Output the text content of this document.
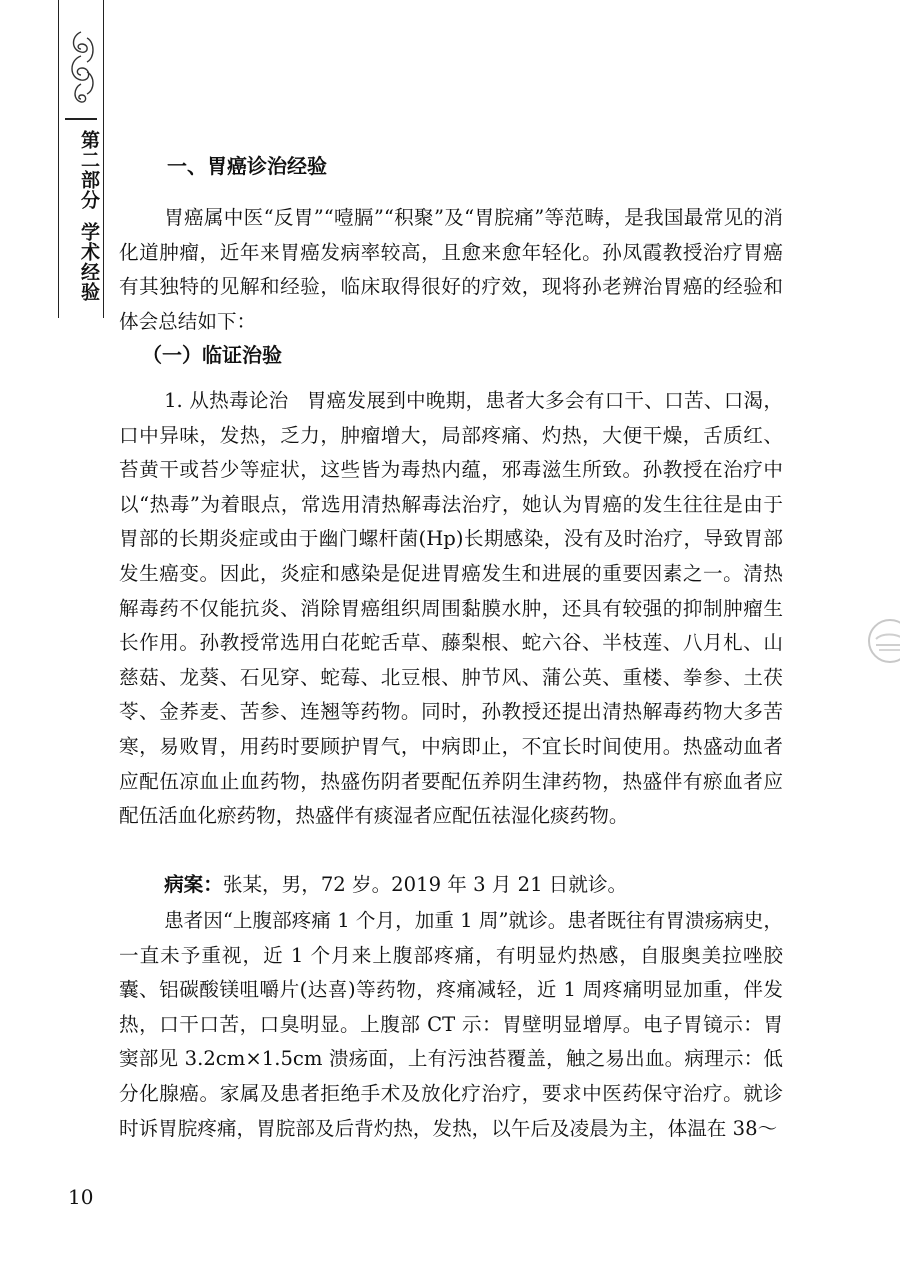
第二部分
学术经验
一、胃癌诊治经验

胃癌属中医“反胃”“噎膈”“积聚”及“胃脘痛”等范畴，是我国最常见的消化道肿瘤，近年来胃癌发病率较高，且愈来愈年轻化。孙凤霞教授治疗胃癌有其独特的见解和经验，临床取得很好的疗效，现将孙老辨治胃癌的经验和体会总结如下：

（一）临证治验

1. 从热毒论治 胃癌发展到中晚期，患者大多会有口干、口苦、口渴，口中异味，发热，乏力，肿瘤增大，局部疼痛、灼热，大便干燥，舌质红、苔黄干或苔少等症状，这些皆为毒热内蕴，邪毒滋生所致。孙教授在治疗中以“热毒”为着眼点，常选用清热解毒法治疗，她认为胃癌的发生往往是由于胃部的长期炎症或由于幽门螺杆菌(Hp)长期感染，没有及时治疗，导致胃部发生癌变。因此，炎症和感染是促进胃癌发生和进展的重要因素之一。清热解毒药不仅能抗炎、消除胃癌组织周围黏膜水肿，还具有较强的抑制肿瘤生长作用。孙教授常选用白花蛇舌草、藤梨根、蛇六谷、半枝莲、八月札、山慈菇、龙葵、石见穿、蛇莓、北豆根、肿节风、蒲公英、重楼、拳参、土茯苓、金荞麦、苦参、连翘等药物。同时，孙教授还提出清热解毒药物大多苦寒，易败胃，用药时要顾护胃气，中病即止，不宜长时间使用。热盛动血者应配伍凉血止血药物，热盛伤阴者要配伍养阴生津药物，热盛伴有瘀血者应配伍活血化瘀药物，热盛伴有痰湿者应配伍祛湿化痰药物。

病案：张某，男，72 岁。2019 年 3 月 21 日就诊。

患者因“上腹部疼痛 1 个月，加重 1 周”就诊。患者既往有胃溃疡病史，一直未予重视，近 1 个月来上腹部疼痛，有明显灼热感，自服奥美拉唑胶囊、铝碳酸镁咀嚼片(达喜)等药物，疼痛减轻，近 1 周疼痛明显加重，伴发热，口干口苦，口臭明显。上腹部 CT 示：胃壁明显增厚。电子胃镜示：胃窦部见 3.2cm×1.5cm 溃疡面，上有污浊苔覆盖，触之易出血。病理示：低分化腺癌。家属及患者拒绝手术及放化疗治疗，要求中医药保守治疗。就诊时诉胃脘疼痛，胃脘部及后背灼热，发热，以午后及凌晨为主，体温在 38～

10
